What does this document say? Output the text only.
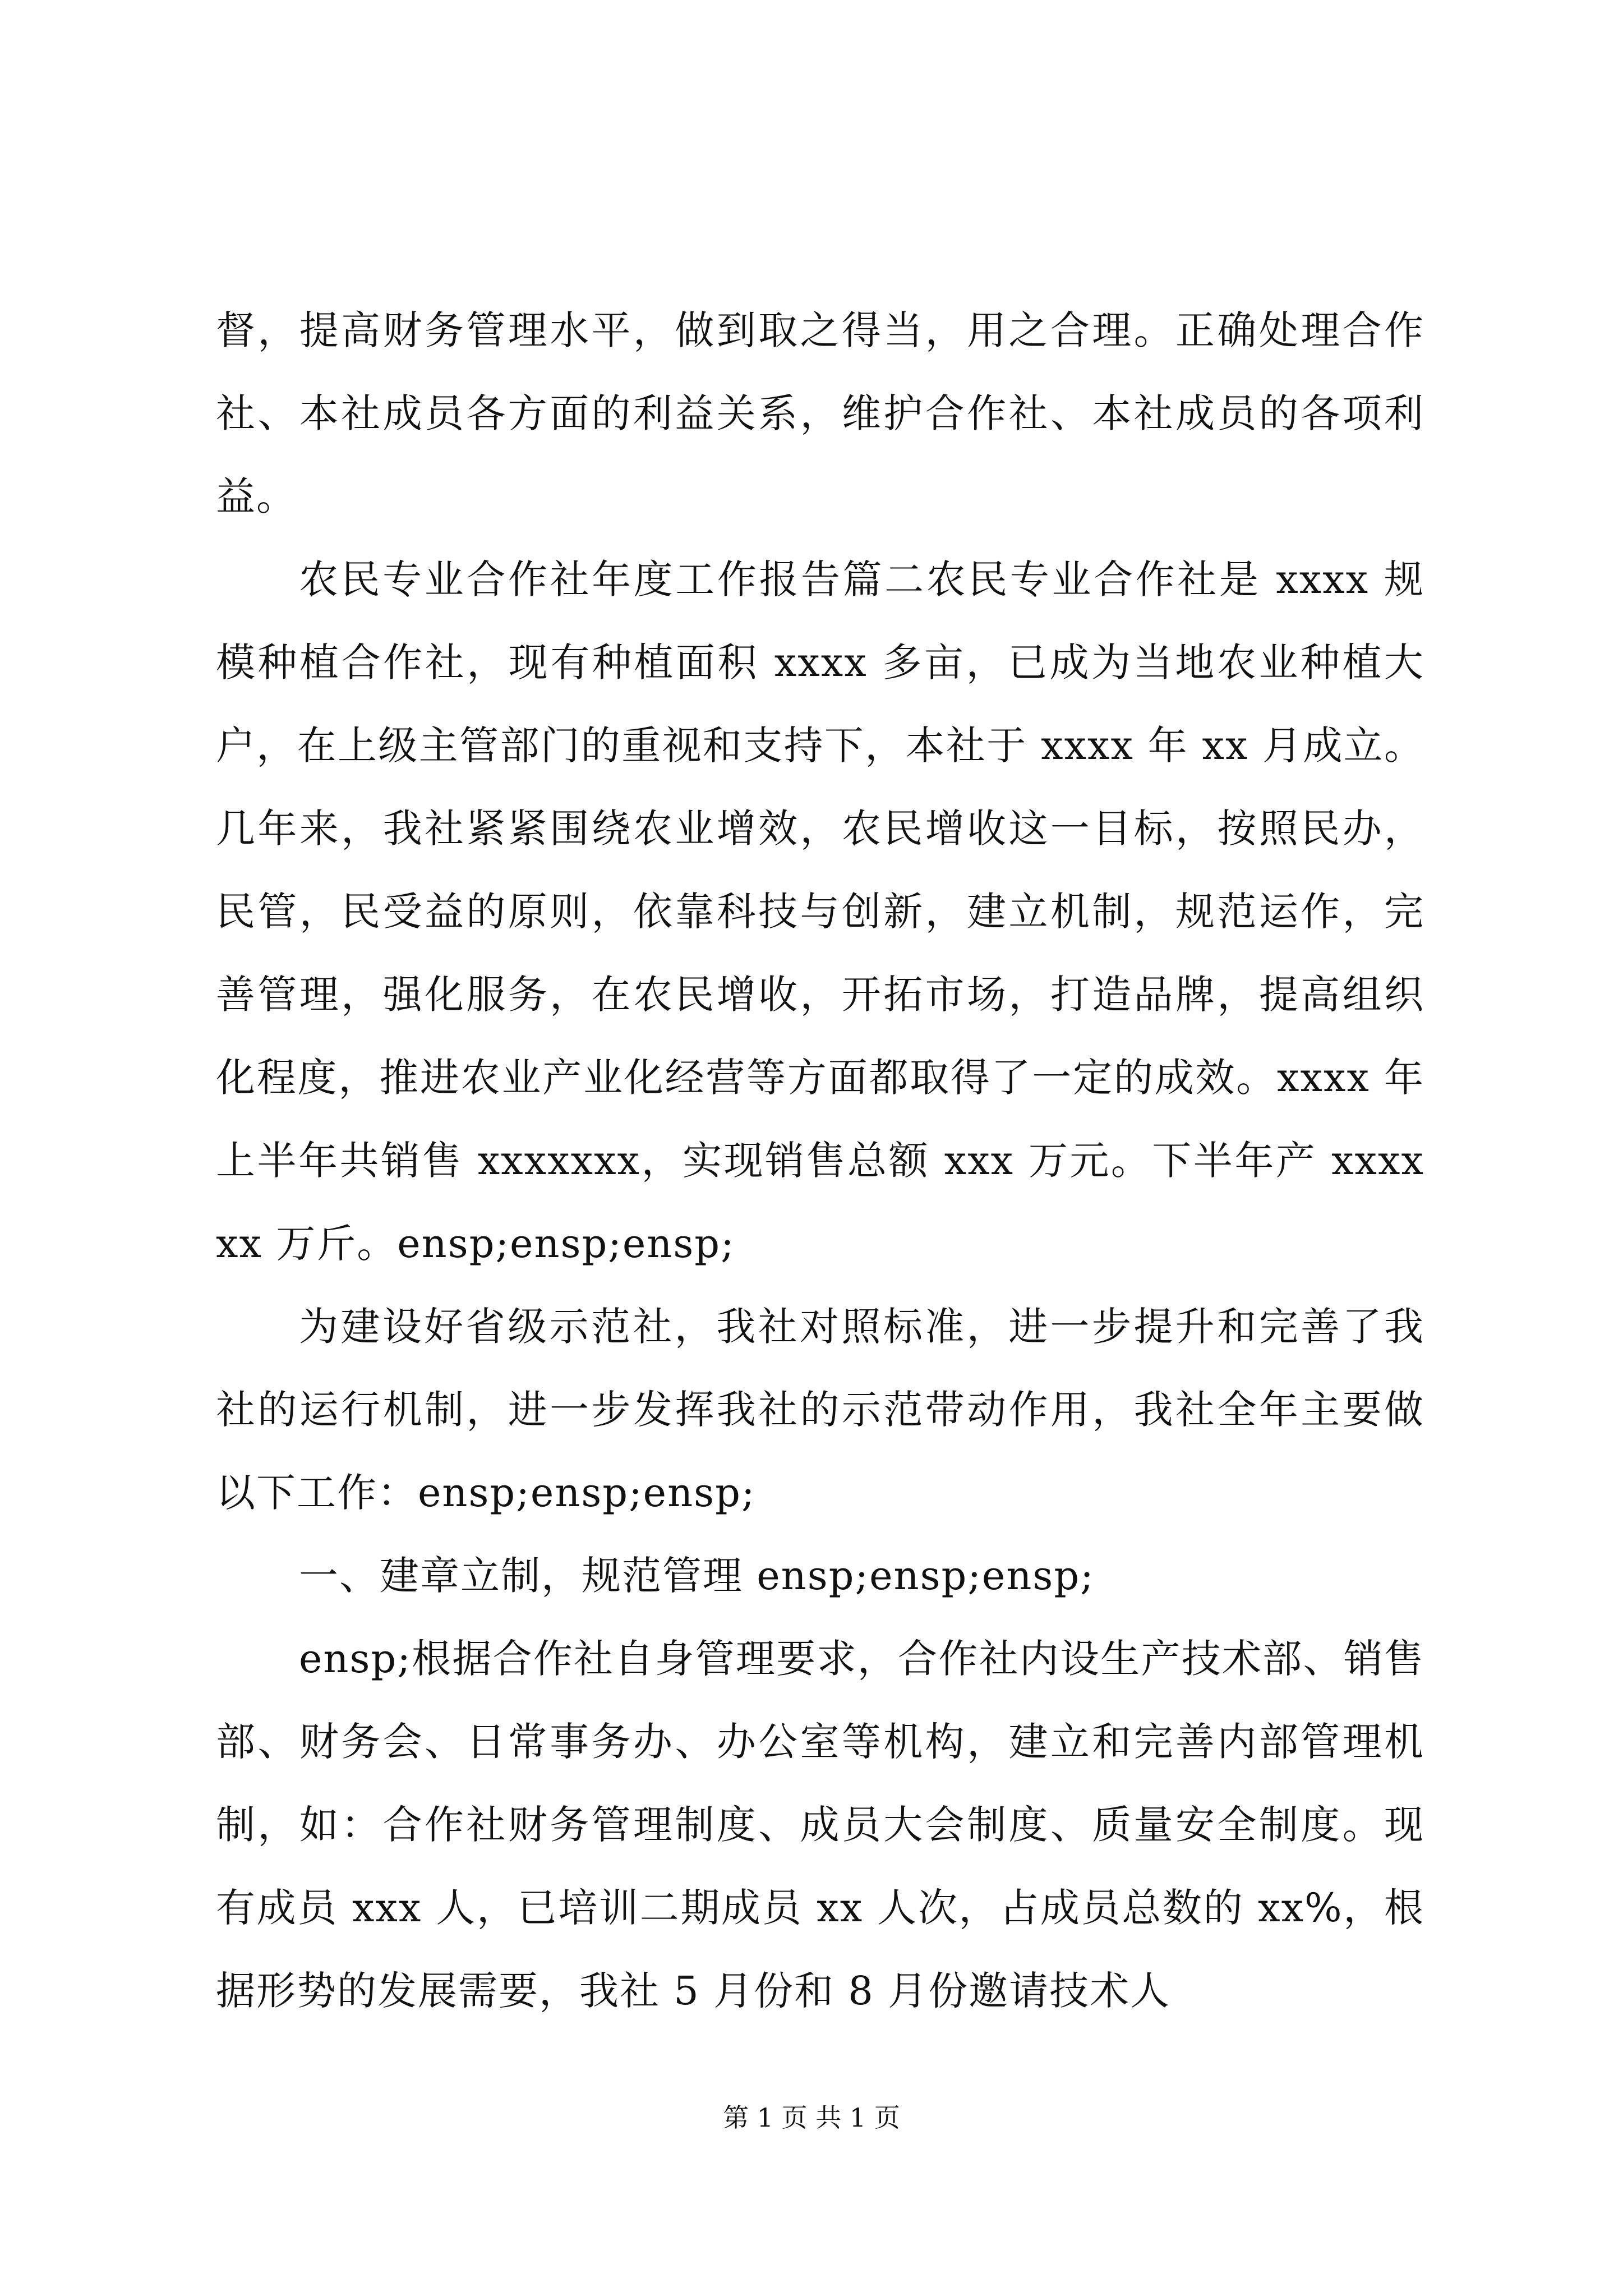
督，提高财务管理水平，做到取之得当，用之合理。正确处理合作社、本社成员各方面的利益关系，维护合作社、本社成员的各项利益。

农民专业合作社年度工作报告篇二农民专业合作社是 xxxx 规模种植合作社，现有种植面积 xxxx 多亩，已成为当地农业种植大户，在上级主管部门的重视和支持下，本社于 xxxx 年 xx 月成立。几年来，我社紧紧围绕农业增效，农民增收这一目标，按照民办，民管，民受益的原则，依靠科技与创新，建立机制，规范运作，完善管理，强化服务，在农民增收，开拓市场，打造品牌，提高组织化程度，推进农业产业化经营等方面都取得了一定的成效。xxxx 年上半年共销售 xxxxxxx，实现销售总额 xxx 万元。下半年产 xxxxxx 万斤。ensp;ensp;ensp;

为建设好省级示范社，我社对照标准，进一步提升和完善了我社的运行机制，进一步发挥我社的示范带动作用，我社全年主要做以下工作：ensp;ensp;ensp;

一、建章立制，规范管理 ensp;ensp;ensp;

ensp;根据合作社自身管理要求，合作社内设生产技术部、销售部、财务会、日常事务办、办公室等机构，建立和完善内部管理机制，如：合作社财务管理制度、成员大会制度、质量安全制度。现有成员 xxx 人，已培训二期成员 xx 人次，占成员总数的 xx%，根据形势的发展需要，我社 5 月份和 8 月份邀请技术人

第 1 页 共 1 页
